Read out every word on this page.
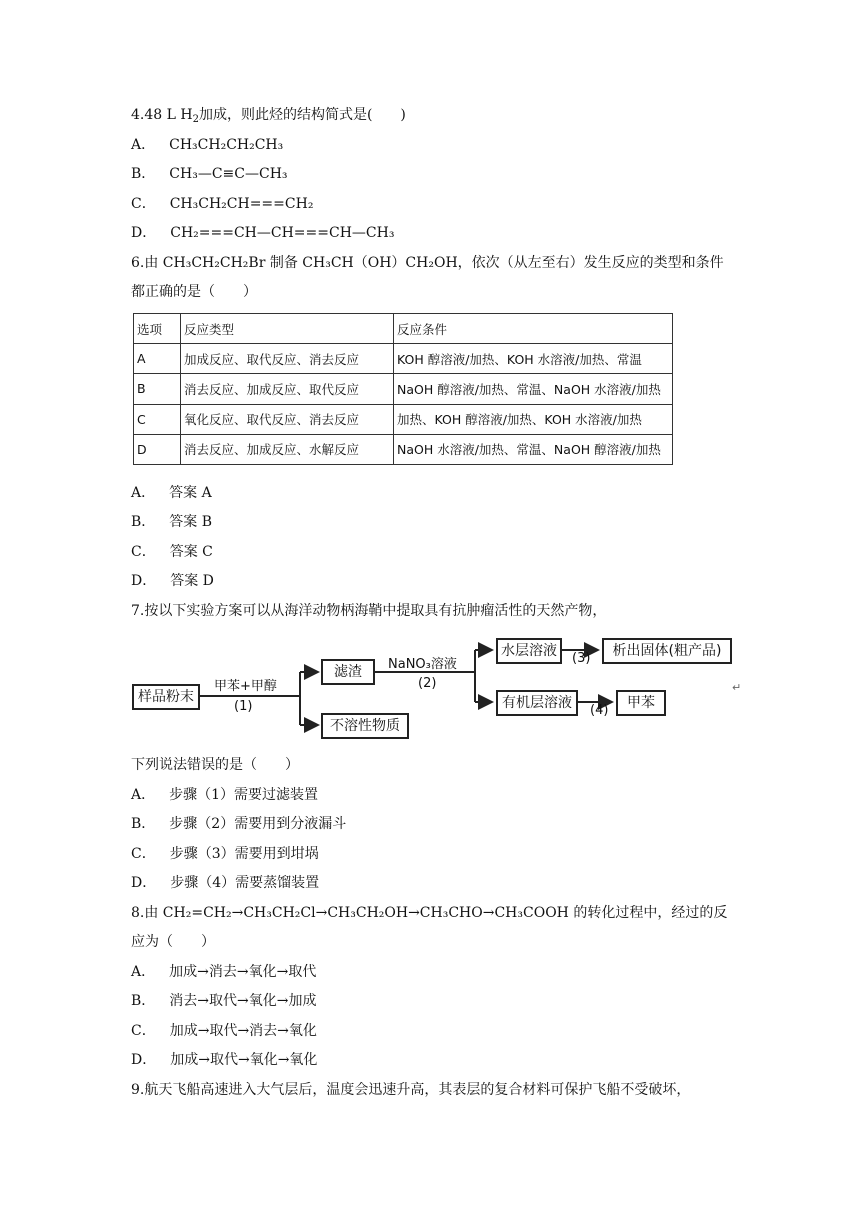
4.48 L $H_2$加成，则此烃的结构简式是(　　)
A． CH₃CH₂CH₂CH₃
B． CH₃—C≡C—CH₃
C． CH₃CH₂CH===CH₂
D． CH₂===CH—CH===CH—CH₃
6.由 CH₃CH₂CH₂Br 制备 CH₃CH（OH）CH₂OH，依次（从左至右）发生反应的类型和条件
都正确的是（　　）
选项	反应类型	反应条件
A	加成反应、取代反应、消去反应	KOH 醇溶液/加热、KOH 水溶液/加热、常温
B	消去反应、加成反应、取代反应	NaOH 醇溶液/加热、常温、NaOH 水溶液/加热
C	氧化反应、取代反应、消去反应	加热、KOH 醇溶液/加热、KOH 水溶液/加热
D	消去反应、加成反应、水解反应	NaOH 水溶液/加热、常温、NaOH 醇溶液/加热
A． 答案 A
B． 答案 B
C． 答案 C
D． 答案 D
7.按以下实验方案可以从海洋动物柄海鞘中提取具有抗肿瘤活性的天然产物，
样品粉末
甲苯+甲醇
(1)
滤渣
不溶性物质
NaNO₃溶液
(2)
水层溶液	(3)	析出固体(粗产品)
有机层溶液	(4)	甲苯
↵
下列说法错误的是（　　）
A． 步骤（1）需要过滤装置
B． 步骤（2）需要用到分液漏斗
C． 步骤（3）需要用到坩埚
D． 步骤（4）需要蒸馏装置
8.由 CH₂=CH₂→CH₃CH₂Cl→CH₃CH₂OH→CH₃CHO→CH₃COOH 的转化过程中，经过的反
应为（　　）
A． 加成→消去→氧化→取代
B． 消去→取代→氧化→加成
C． 加成→取代→消去→氧化
D． 加成→取代→氧化→氧化
9.航天飞船高速进入大气层后，温度会迅速升高，其表层的复合材料可保护飞船不受破坏，
